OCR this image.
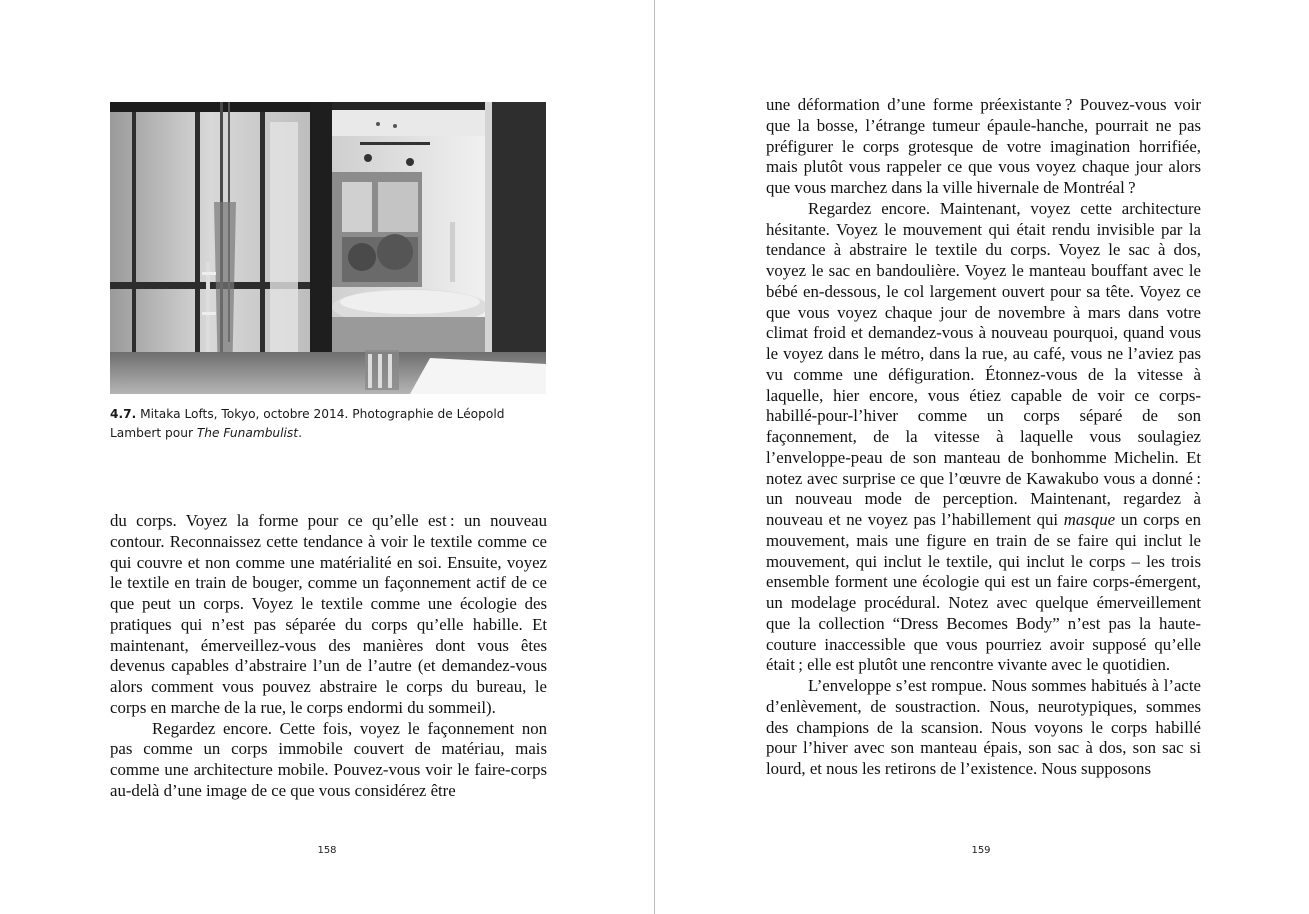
4.7. Mitaka Lofts, Tokyo, octobre 2014. Photographie de Léopold Lambert pour The Funambulist.

du corps. Voyez la forme pour ce qu’elle est : un nouveau contour. Reconnaissez cette tendance à voir le textile comme ce qui couvre et non comme une matérialité en soi. Ensuite, voyez le textile en train de bouger, comme un façonnement actif de ce que peut un corps. Voyez le textile comme une écologie des pratiques qui n’est pas séparée du corps qu’elle habille. Et maintenant, émerveillez-vous des manières dont vous êtes devenus capables d’abstraire l’un de l’autre (et demandez-vous alors comment vous pouvez abstraire le corps du bureau, le corps en marche de la rue, le corps endormi du sommeil).

Regardez encore. Cette fois, voyez le façonnement non pas comme un corps immobile couvert de matériau, mais comme une architecture mobile. Pouvez-vous voir le faire-corps au-delà d’une image de ce que vous considérez être

158

une déformation d’une forme préexistante ? Pouvez-vous voir que la bosse, l’étrange tumeur épaule-hanche, pourrait ne pas préfigurer le corps grotesque de votre imagination horrifiée, mais plutôt vous rappeler ce que vous voyez chaque jour alors que vous marchez dans la ville hivernale de Montréal ?

Regardez encore. Maintenant, voyez cette architecture hésitante. Voyez le mouvement qui était rendu invisible par la tendance à abstraire le textile du corps. Voyez le sac à dos, voyez le sac en bandoulière. Voyez le manteau bouffant avec le bébé en-dessous, le col largement ouvert pour sa tête. Voyez ce que vous voyez chaque jour de novembre à mars dans votre climat froid et demandez-vous à nouveau pourquoi, quand vous le voyez dans le métro, dans la rue, au café, vous ne l’aviez pas vu comme une défiguration. Étonnez-vous de la vitesse à laquelle, hier encore, vous étiez capable de voir ce corps-habillé-pour-l’hiver comme un corps séparé de son façonnement, de la vitesse à laquelle vous soulagiez l’enveloppe-peau de son manteau de bonhomme Michelin. Et notez avec surprise ce que l’œuvre de Kawakubo vous a donné : un nouveau mode de perception. Maintenant, regardez à nouveau et ne voyez pas l’habillement qui masque un corps en mouvement, mais une figure en train de se faire qui inclut le mouvement, qui inclut le textile, qui inclut le corps – les trois ensemble forment une écologie qui est un faire corps-émergent, un modelage procédural. Notez avec quelque émerveillement que la collection “Dress Becomes Body” n’est pas la haute-couture inaccessible que vous pourriez avoir supposé qu’elle était ; elle est plutôt une rencontre vivante avec le quotidien.

L’enveloppe s’est rompue. Nous sommes habitués à l’acte d’enlèvement, de soustraction. Nous, neurotypiques, sommes des champions de la scansion. Nous voyons le corps habillé pour l’hiver avec son manteau épais, son sac à dos, son sac si lourd, et nous les retirons de l’existence. Nous supposons

159
